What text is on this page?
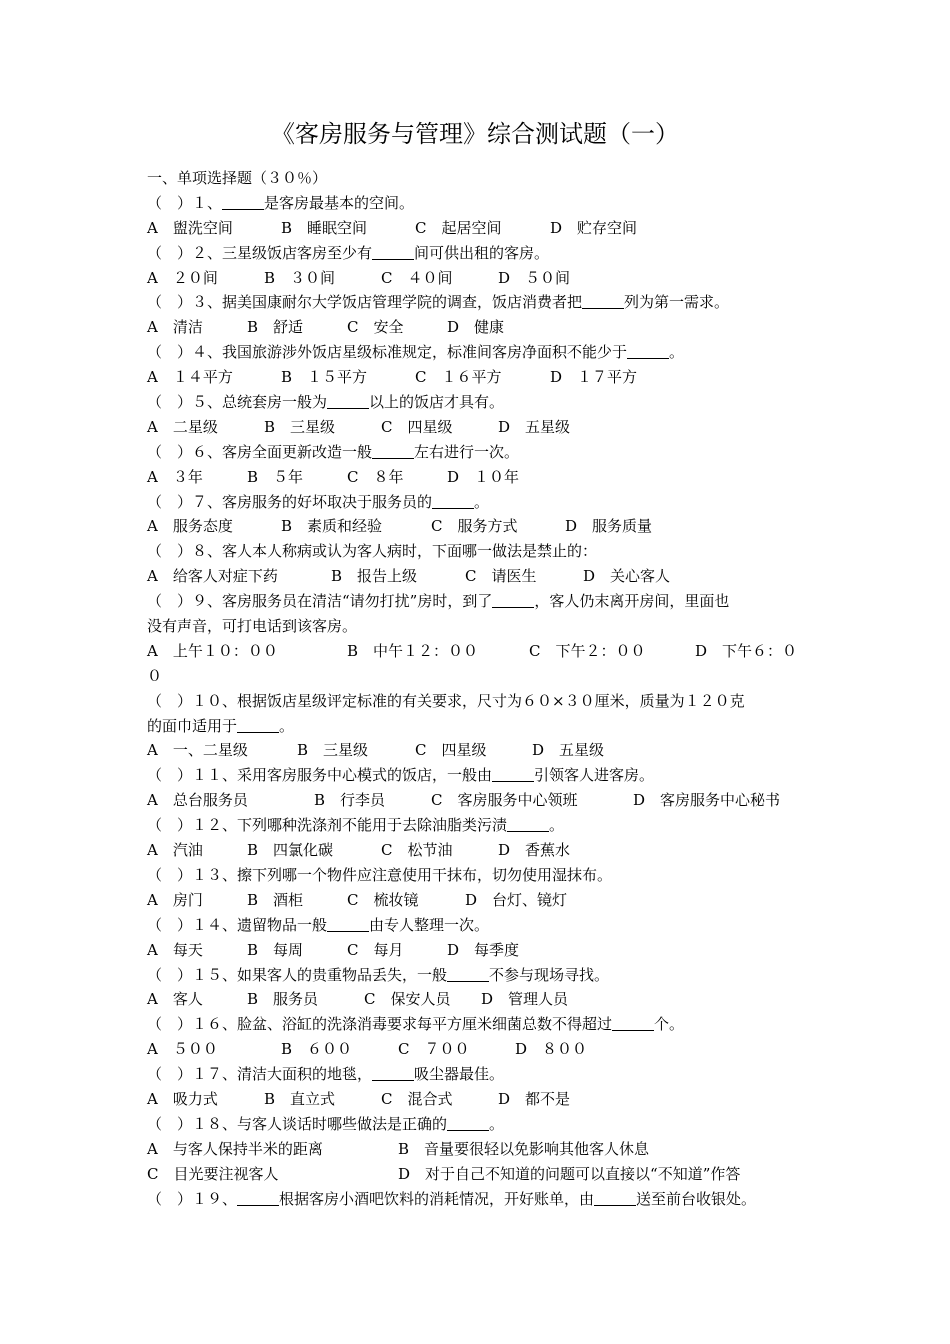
《客房服务与管理》综合测试题（一）
一、单项选择题（３０％）
（　）１、	是客房最基本的空间。
A　盥洗空间	B　睡眠空间	C　起居空间	D　贮存空间
（　）２、三星级饭店客房至少有	间可供出租的客房。
A　２０间	B　３０间	C　４０间	D　５０间
（　）３、据美国康耐尔大学饭店管理学院的调查，饭店消费者把	列为第一需求。
A　清洁	B　舒适	C　安全	D　健康
（　）４、我国旅游涉外饭店星级标准规定，标准间客房净面积不能少于	。
A　１４平方	B　１５平方	C　１６平方	D　１７平方
（　）５、总统套房一般为	以上的饭店才具有。
A　二星级	B　三星级	C　四星级	D　五星级
（　）６、客房全面更新改造一般	左右进行一次。
A　３年	B　５年	C　８年	D　１０年
（　）７、客房服务的好坏取决于服务员的	。
A　服务态度	B　素质和经验	C　服务方式	D　服务质量
（　）８、客人本人称病或认为客人病时，下面哪一做法是禁止的：
A　给客人对症下药	B　报告上级	C　请医生	D　关心客人
（　）９、客房服务员在清洁“请勿打扰”房时，到了	，客人仍末离开房间，里面也
没有声音，可打电话到该客房。
A　上午１０：００	B　中午１２：００	C　下午２：００	D　下午６：０
０
（　）１０、根据饭店星级评定标准的有关要求，尺寸为６０×３０厘米，质量为１２０克
的面巾适用于	。
A　一、二星级	B　三星级	C　四星级	D　五星级
（　）１１、采用客房服务中心模式的饭店，一般由	引领客人进客房。
A　总台服务员	B　行李员	C　客房服务中心领班	D　客房服务中心秘书
（　）１２、下列哪种洗涤剂不能用于去除油脂类污渍	。
A　汽油	B　四氯化碳	C　松节油	D　香蕉水
（　）１３、擦下列哪一个物件应注意使用干抹布，切勿使用湿抹布。
A　房门	B　酒柜	C　梳妆镜	D　台灯、镜灯
（　）１４、遗留物品一般	由专人整理一次。
A　每天	B　每周	C　每月	D　每季度
（　）１５、如果客人的贵重物品丢失，一般	不参与现场寻找。
A　客人	B　服务员	C　保安人员 D　管理人员
（　）１６、脸盆、浴缸的洗涤消毒要求每平方厘米细菌总数不得超过	个。
A　５００	B　６００	C　７００	D　８００
（　）１７、清洁大面积的地毯，	吸尘器最佳。
A　吸力式	B　直立式	C　混合式	D　都不是
（　）１８、与客人谈话时哪些做法是正确的	。
A　与客人保持半米的距离	B　音量要很轻以免影响其他客人休息
C　目光要注视客人	D　对于自己不知道的问题可以直接以“不知道”作答
（　）１９、	根据客房小酒吧饮料的消耗情况，开好账单，由	送至前台收银处。
